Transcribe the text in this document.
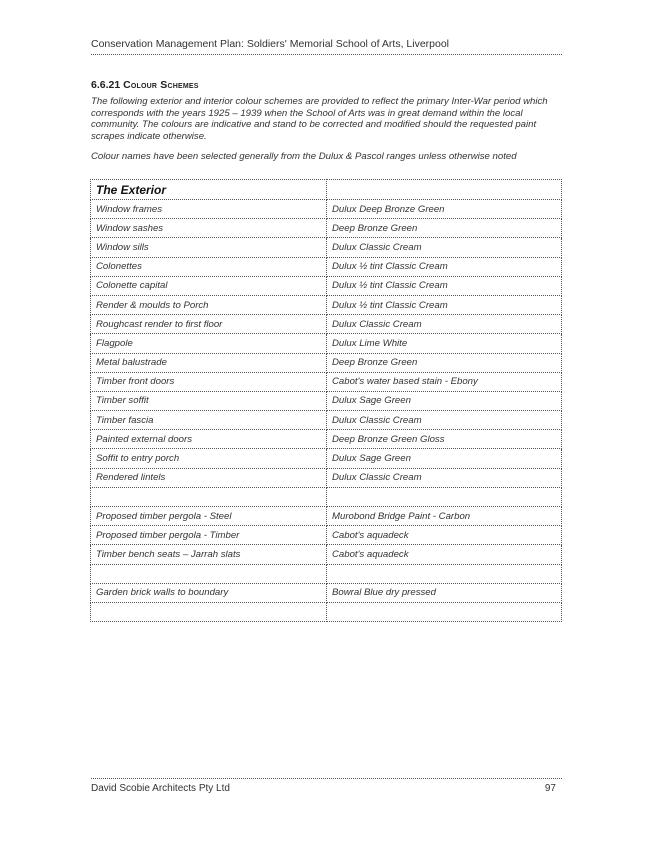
Conservation Management Plan: Soldiers' Memorial School of Arts, Liverpool
6.6.21 Colour Schemes
The following exterior and interior colour schemes are provided to reflect the primary Inter-War period which corresponds with the years 1925 – 1939 when the School of Arts was in great demand within the local community. The colours are indicative and stand to be corrected and modified should the requested paint scrapes indicate otherwise.
Colour names have been selected generally from the Dulux & Pascol ranges unless otherwise noted
The Exterior	
Window frames	Dulux Deep Bronze Green
Window sashes	Deep Bronze Green
Window sills	Dulux Classic Cream
Colonettes	Dulux ½ tint Classic Cream
Colonette capital	Dulux ½ tint Classic Cream
Render & moulds to Porch	Dulux ½ tint Classic Cream
Roughcast render to first floor	Dulux Classic Cream
Flagpole	Dulux Lime White
Metal balustrade	Deep Bronze Green
Timber front doors	Cabot's water based stain - Ebony
Timber soffit	Dulux Sage Green
Timber fascia	Dulux Classic Cream
Painted external doors	Deep Bronze Green Gloss
Soffit to entry porch	Dulux Sage Green
Rendered lintels	Dulux Classic Cream

Proposed timber pergola - Steel	Murobond Bridge Paint - Carbon
Proposed timber pergola - Timber	Cabot's aquadeck
Timber bench seats – Jarrah slats	Cabot's aquadeck

Garden brick walls to boundary	Bowral Blue dry pressed

David Scobie Architects Pty Ltd	97
